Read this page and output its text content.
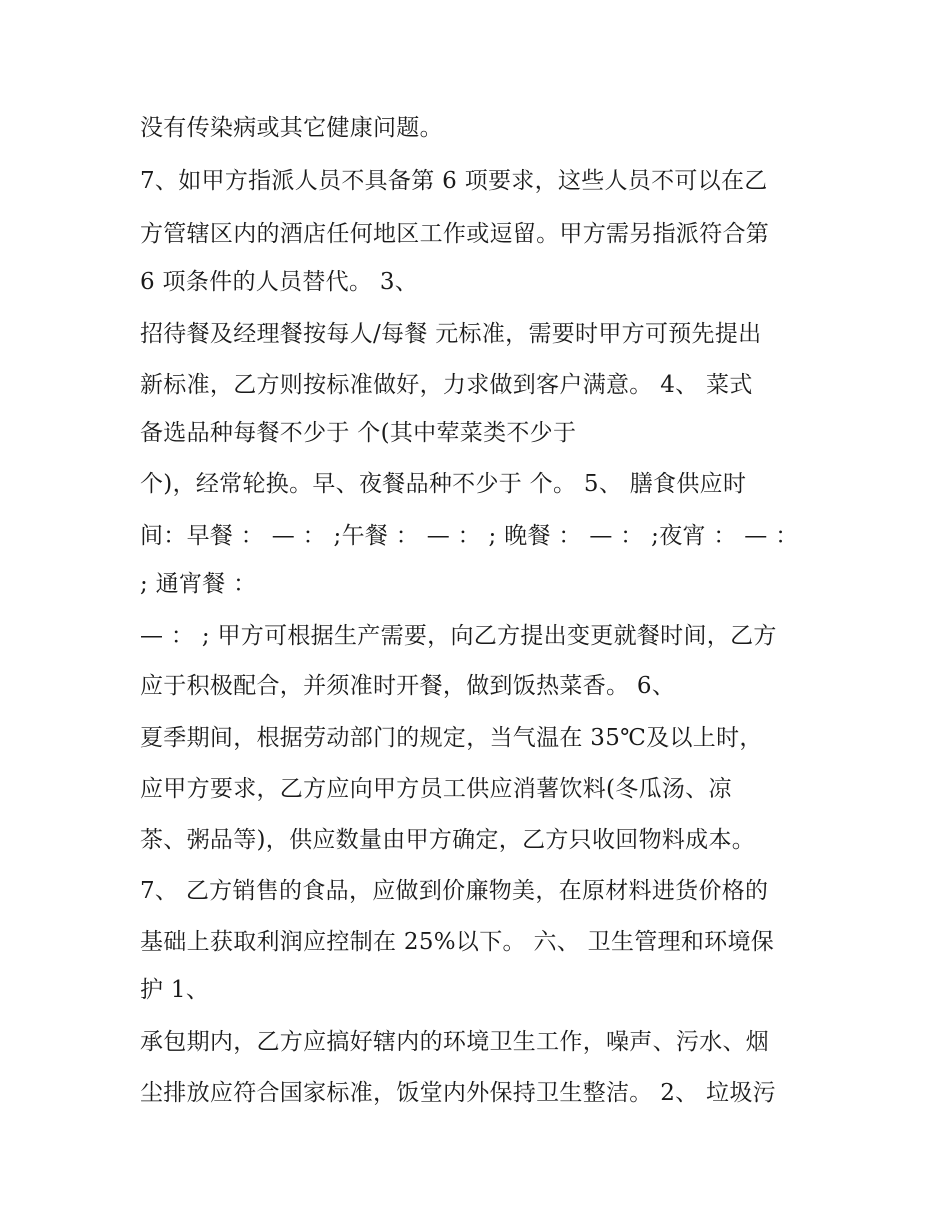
没有传染病或其它健康问题。
7、如甲方指派人员不具备第 6 项要求，这些人员不可以在乙
方管辖区内的酒店任何地区工作或逗留。甲方需另指派符合第
6 项条件的人员替代。 3、
招待餐及经理餐按每人/每餐 元标准，需要时甲方可预先提出
新标准，乙方则按标准做好，力求做到客户满意。 4、 菜式
备选品种每餐不少于 个(其中荤菜类不少于
个)，经常轮换。早、夜餐品种不少于 个。 5、 膳食供应时
间：早餐 ： — ： ;午餐 ： — ： ; 晚餐 ： — ： ;夜宵 ： — ：
; 通宵餐 ：
— ： ; 甲方可根据生产需要，向乙方提出变更就餐时间，乙方
应于积极配合，并须准时开餐，做到饭热菜香。 6、
夏季期间，根据劳动部门的规定，当气温在 35℃及以上时，
应甲方要求，乙方应向甲方员工供应消薯饮料(冬瓜汤、凉
茶、粥品等)，供应数量由甲方确定，乙方只收回物料成本。
7、 乙方销售的食品，应做到价廉物美，在原材料进货价格的
基础上获取利润应控制在 25%以下。 六、 卫生管理和环境保
护 1、
承包期内，乙方应搞好辖内的环境卫生工作，噪声、污水、烟
尘排放应符合国家标准，饭堂内外保持卫生整洁。 2、 垃圾污
